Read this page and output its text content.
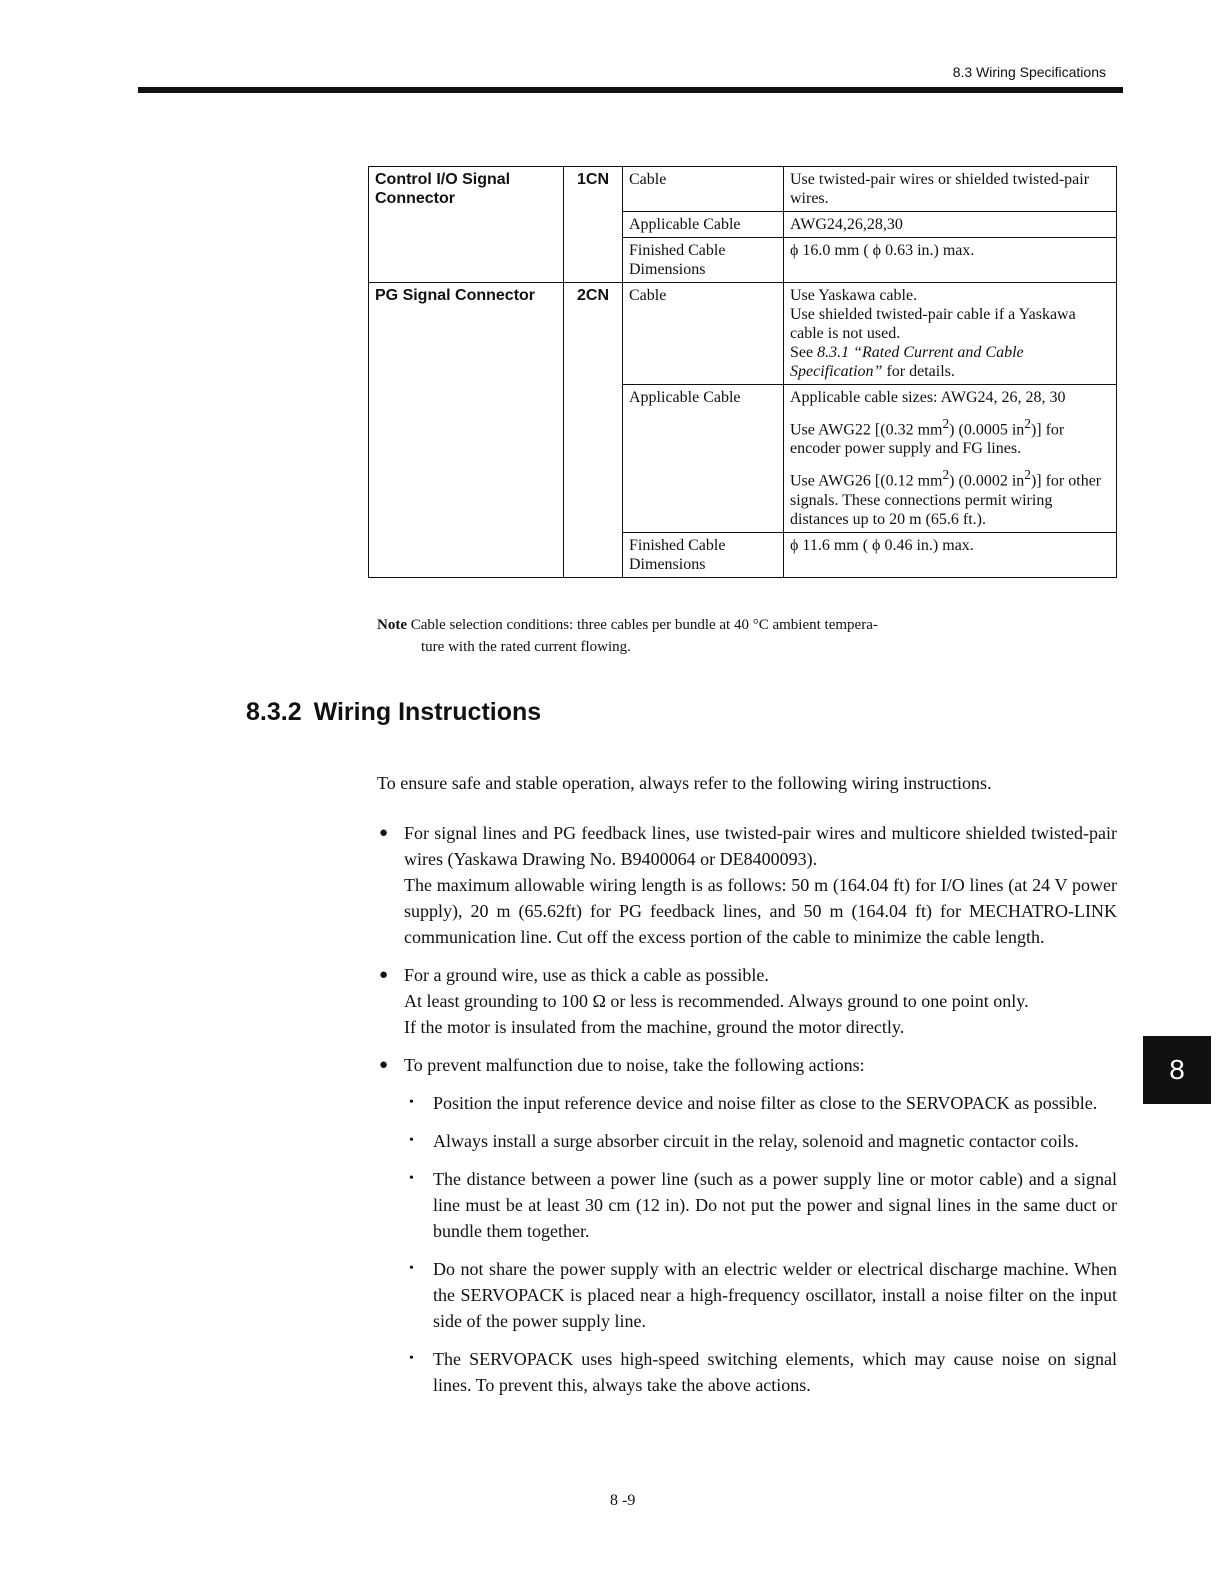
8.3 Wiring Specifications
Control I/O Signal Connector	1CN	Cable	Use twisted-pair wires or shielded twisted-pair wires.
		Applicable Cable	AWG24,26,28,30
		Finished Cable Dimensions	ϕ 16.0 mm ( ϕ 0.63 in.) max.
PG Signal Connector	2CN	Cable	Use Yaskawa cable.
Use shielded twisted-pair cable if a Yaskawa cable is not used.
See 8.3.1 “Rated Current and Cable Specification” for details.

		Applicable Cable	Applicable cable sizes: AWG24, 26, 28, 30

Use AWG22 [(0.32 $mm^2$) (0.0005 $in^2$)] for encoder power supply and FG lines.

Use AWG26 [(0.12 $mm^2$) (0.0002 $in^2$)] for other signals. These connections permit wiring distances up to 20 m (65.6 ft.).

		Finished Cable Dimensions	ϕ 11.6 mm ( ϕ 0.46 in.) max.
Note Cable selection conditions: three cables per bundle at 40 °C ambient tempera-
ture with the rated current flowing.
8.3.2 Wiring Instructions

To ensure safe and stable operation, always refer to the following wiring instructions.

● For signal lines and PG feedback lines, use twisted-pair wires and multicore shielded twisted-pair wires (Yaskawa Drawing No. B9400064 or DE8400093).

The maximum allowable wiring length is as follows: 50 m (164.04 ft) for I/O lines (at 24 V power supply), 20 m (65.62ft) for PG feedback lines, and 50 m (164.04 ft) for MECHATRO-LINK communication line. Cut off the excess portion of the cable to minimize the cable length.

● For a ground wire, use as thick a cable as possible.

At least grounding to 100 Ω or less is recommended. Always ground to one point only.

If the motor is insulated from the machine, ground the motor directly.

● To prevent malfunction due to noise, take the following actions:

• Position the input reference device and noise filter as close to the SERVOPACK as possible.

• Always install a surge absorber circuit in the relay, solenoid and magnetic contactor coils.

• The distance between a power line (such as a power supply line or motor cable) and a signal line must be at least 30 cm (12 in). Do not put the power and signal lines in the same duct or bundle them together.

• Do not share the power supply with an electric welder or electrical discharge machine. When the SERVOPACK is placed near a high-frequency oscillator, install a noise filter on the input side of the power supply line.

• The SERVOPACK uses high-speed switching elements, which may cause noise on signal lines. To prevent this, always take the above actions.

8 -9
8
